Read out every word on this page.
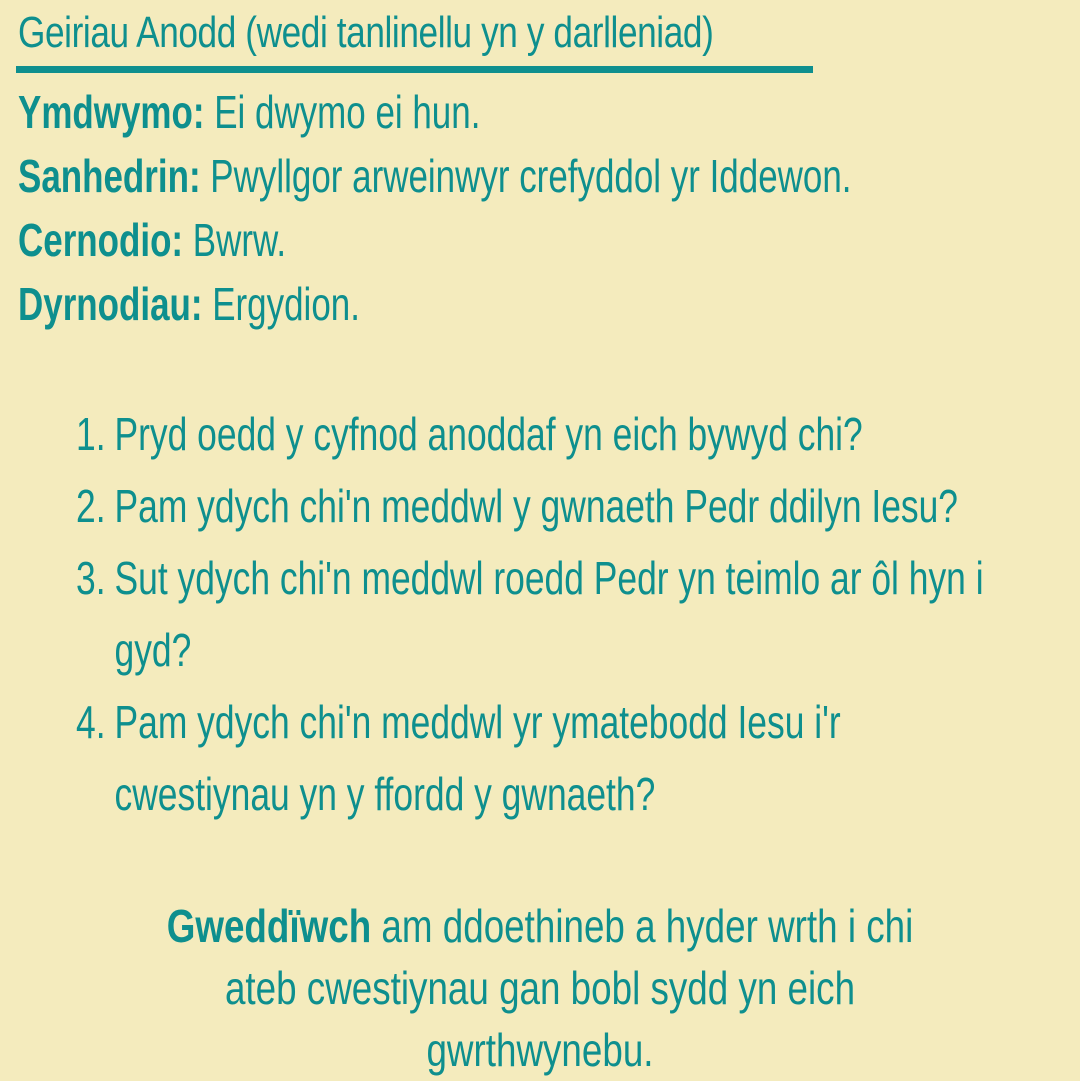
Geiriau Anodd (wedi tanlinellu yn y darlleniad)
Ymdwymo: Ei dwymo ei hun.
Sanhedrin: Pwyllgor arweinwyr crefyddol yr Iddewon.
Cernodio: Bwrw.
Dyrnodiau: Ergydion.
1. Pryd oedd y cyfnod anoddaf yn eich bywyd chi?
2. Pam ydych chi'n meddwl y gwnaeth Pedr ddilyn Iesu?
3. Sut ydych chi'n meddwl roedd Pedr yn teimlo ar ôl hyn i gyd?
4. Pam ydych chi'n meddwl yr ymatebodd Iesu i'r cwestiynau yn y ffordd y gwnaeth?
Gweddïwch am ddoethineb a hyder wrth i chi ateb cwestiynau gan bobl sydd yn eich gwrthwynebu.
